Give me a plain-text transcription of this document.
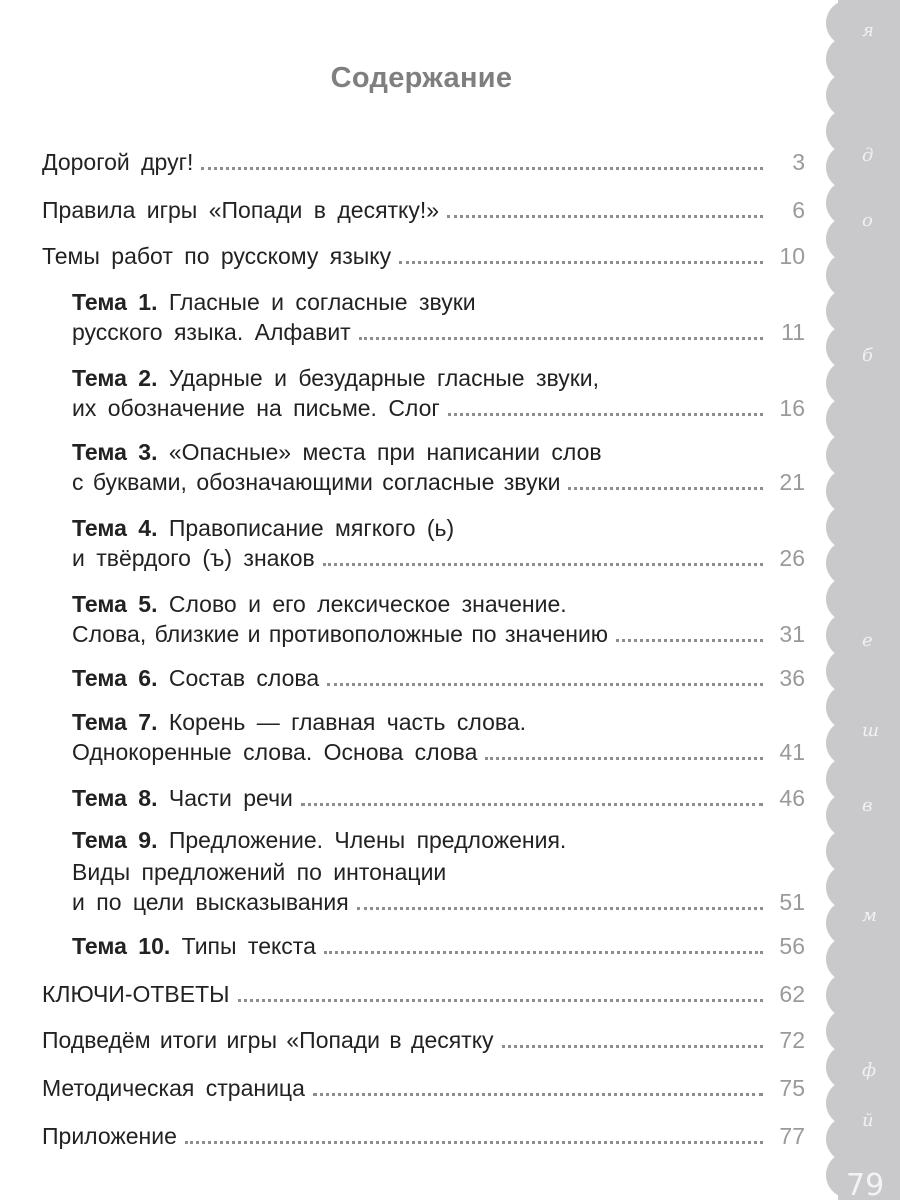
я
д
о
б
е
ш
в
м
ф
й
79
Содержание
Дорогой друг!	3
Правила игры «Попади в десятку!»	6
Темы работ по русскому языку	10
Тема 1. Гласные и согласные звуки
русского языка. Алфавит	11
Тема 2. Ударные и безударные гласные звуки,
их обозначение на письме. Слог	16
Тема 3. «Опасные» места при написании слов
с буквами, обозначающими согласные звуки	21
Тема 4. Правописание мягкого (ь)
и твёрдого (ъ) знаков	26
Тема 5. Слово и его лексическое значение.
Слова, близкие и противоположные по значению	31
Тема 6. Состав слова	36
Тема 7. Корень — главная часть слова.
Однокоренные слова. Основа слова	41
Тема 8. Части речи	46
Тема 9. Предложение. Члены предложения.
Виды предложений по интонации
и по цели высказывания	51
Тема 10. Типы текста	56
КЛЮЧИ-ОТВЕТЫ	62
Подведём итоги игры «Попади в десятку	72
Методическая страница	75
Приложение	77
